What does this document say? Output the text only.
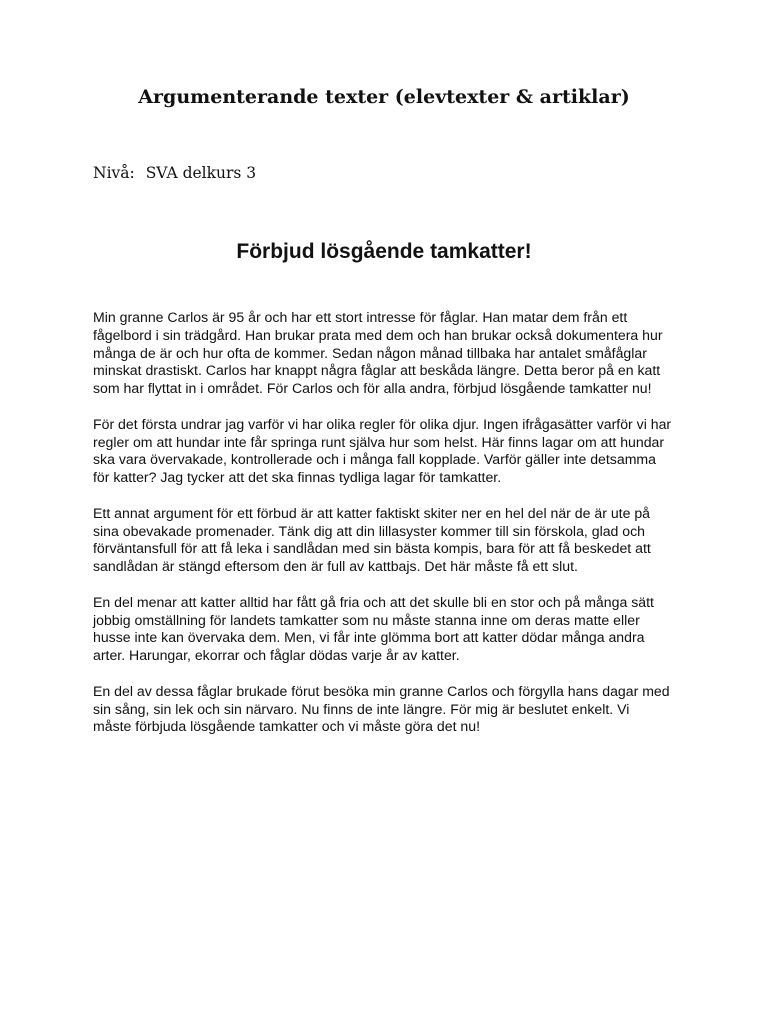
Argumenterande texter (elevtexter & artiklar)
Nivå: SVA delkurs 3
Förbjud lösgående tamkatter!

Min granne Carlos är 95 år och har ett stort intresse för fåglar. Han matar dem från ett
fågelbord i sin trädgård. Han brukar prata med dem och han brukar också dokumentera hur
många de är och hur ofta de kommer. Sedan någon månad tillbaka har antalet småfåglar
minskat drastiskt. Carlos har knappt några fåglar att beskåda längre. Detta beror på en katt
som har flyttat in i området. För Carlos och för alla andra, förbjud lösgående tamkatter nu!

För det första undrar jag varför vi har olika regler för olika djur. Ingen ifrågasätter varför vi har
regler om att hundar inte får springa runt själva hur som helst. Här finns lagar om att hundar
ska vara övervakade, kontrollerade och i många fall kopplade. Varför gäller inte detsamma
för katter? Jag tycker att det ska finnas tydliga lagar för tamkatter.

Ett annat argument för ett förbud är att katter faktiskt skiter ner en hel del när de är ute på
sina obevakade promenader. Tänk dig att din lillasyster kommer till sin förskola, glad och
förväntansfull för att få leka i sandlådan med sin bästa kompis, bara för att få beskedet att
sandlådan är stängd eftersom den är full av kattbajs. Det här måste få ett slut.

En del menar att katter alltid har fått gå fria och att det skulle bli en stor och på många sätt
jobbig omställning för landets tamkatter som nu måste stanna inne om deras matte eller
husse inte kan övervaka dem. Men, vi får inte glömma bort att katter dödar många andra
arter. Harungar, ekorrar och fåglar dödas varje år av katter.

En del av dessa fåglar brukade förut besöka min granne Carlos och förgylla hans dagar med
sin sång, sin lek och sin närvaro. Nu finns de inte längre. För mig är beslutet enkelt. Vi
måste förbjuda lösgående tamkatter och vi måste göra det nu!
